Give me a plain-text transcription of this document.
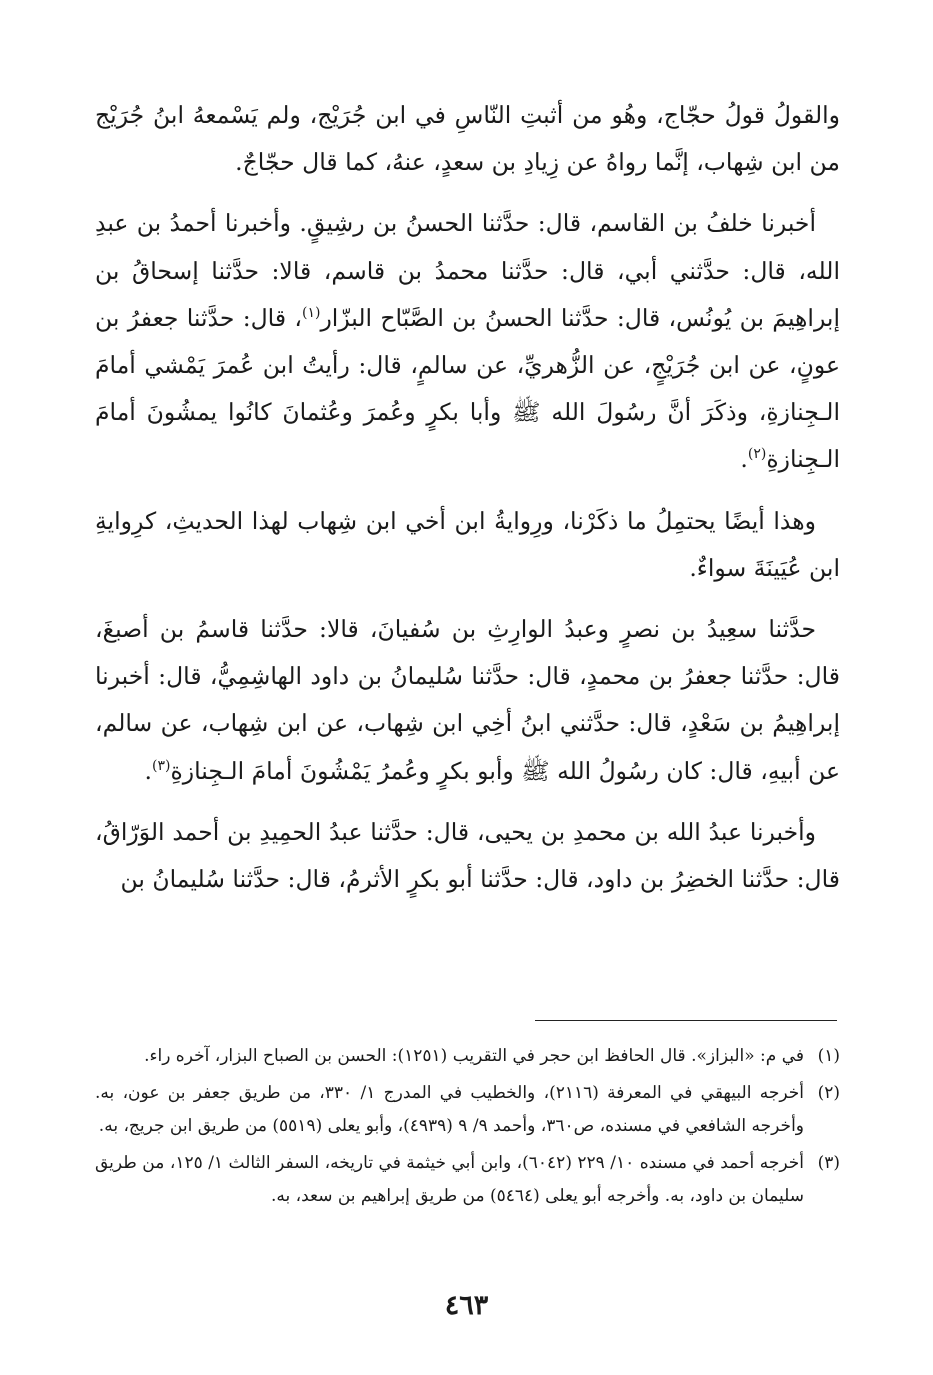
والقولُ قولُ حجّاج، وهُو من أثبتِ النّاسِ في ابن جُرَيْج، ولم يَسْمعهُ ابنُ جُرَيْج من ابن شِهاب، إنَّما رواهُ عن زِيادِ بن سعدٍ، عنهُ، كما قال حجّاجٌ.

أخبرنا خلفُ بن القاسم، قال: حدَّثنا الحسنُ بن رشِيقٍ. وأخبرنا أحمدُ بن عبدِ الله، قال: حدَّثني أبي، قال: حدَّثنا محمدُ بن قاسم، قالا: حدَّثنا إسحاقُ بن إبراهِيمَ بن يُونُس، قال: حدَّثنا الحسنُ بن الصَّبّاح البزّار$^{(١)}$، قال: حدَّثنا جعفرُ بن عونٍ، عن ابن جُرَيْجٍ، عن الزُّهريِّ، عن سالمٍ، قال: رأيتُ ابن عُمرَ يَمْشي أمامَ الـجِنازةِ، وذكَرَ أنَّ رسُولَ الله ﷺ وأبا بكرٍ وعُمرَ وعُثمانَ كانُوا يمشُونَ أمامَ الـجِنازةِ$^{(٢)}$.

وهذا أيضًا يحتمِلُ ما ذكَرْنا، ورِوايةُ ابن أخي ابن شِهاب لهذا الحديثِ، كرِوايةِ ابن عُيَينَةَ سواءٌ.

حدَّثنا سعِيدُ بن نصرٍ وعبدُ الوارِثِ بن سُفيانَ، قالا: حدَّثنا قاسمُ بن أصبغَ، قال: حدَّثنا جعفرُ بن محمدٍ، قال: حدَّثنا سُليمانُ بن داود الهاشِمِيُّ، قال: أخبرنا إبراهِيمُ بن سَعْدٍ، قال: حدَّثني ابنُ أخِي ابن شِهاب، عن ابن شِهاب، عن سالم، عن أبيهِ، قال: كان رسُولُ الله ﷺ وأبو بكرٍ وعُمرُ يَمْشُونَ أمامَ الـجِنازةِ$^{(٣)}$.

وأخبرنا عبدُ الله بن محمدِ بن يحيى، قال: حدَّثنا عبدُ الحمِيدِ بن أحمد الوَرّاقُ، قال: حدَّثنا الخضِرُ بن داود، قال: حدَّثنا أبو بكرٍ الأثرمُ، قال: حدَّثنا سُليمانُ بن

(١)
في م: «البزاز». قال الحافظ ابن حجر في التقريب (١٢٥١): الحسن بن الصباح البزار، آخره راء.
(٢)
أخرجه البيهقي في المعرفة (٢١١٦)، والخطيب في المدرج ١/ ٣٣٠، من طريق جعفر بن عون، به. وأخرجه الشافعي في مسنده، ص٣٦٠، وأحمد ٩/ ٩ (٤٩٣٩)، وأبو يعلى (٥٥١٩) من طريق ابن جريج، به.
(٣)
أخرجه أحمد في مسنده ١٠/ ٢٢٩ (٦٠٤٢)، وابن أبي خيثمة في تاريخه، السفر الثالث ١/ ١٢٥، من طريق سليمان بن داود، به. وأخرجه أبو يعلى (٥٤٦٤) من طريق إبراهيم بن سعد، به.
٤٦٣
